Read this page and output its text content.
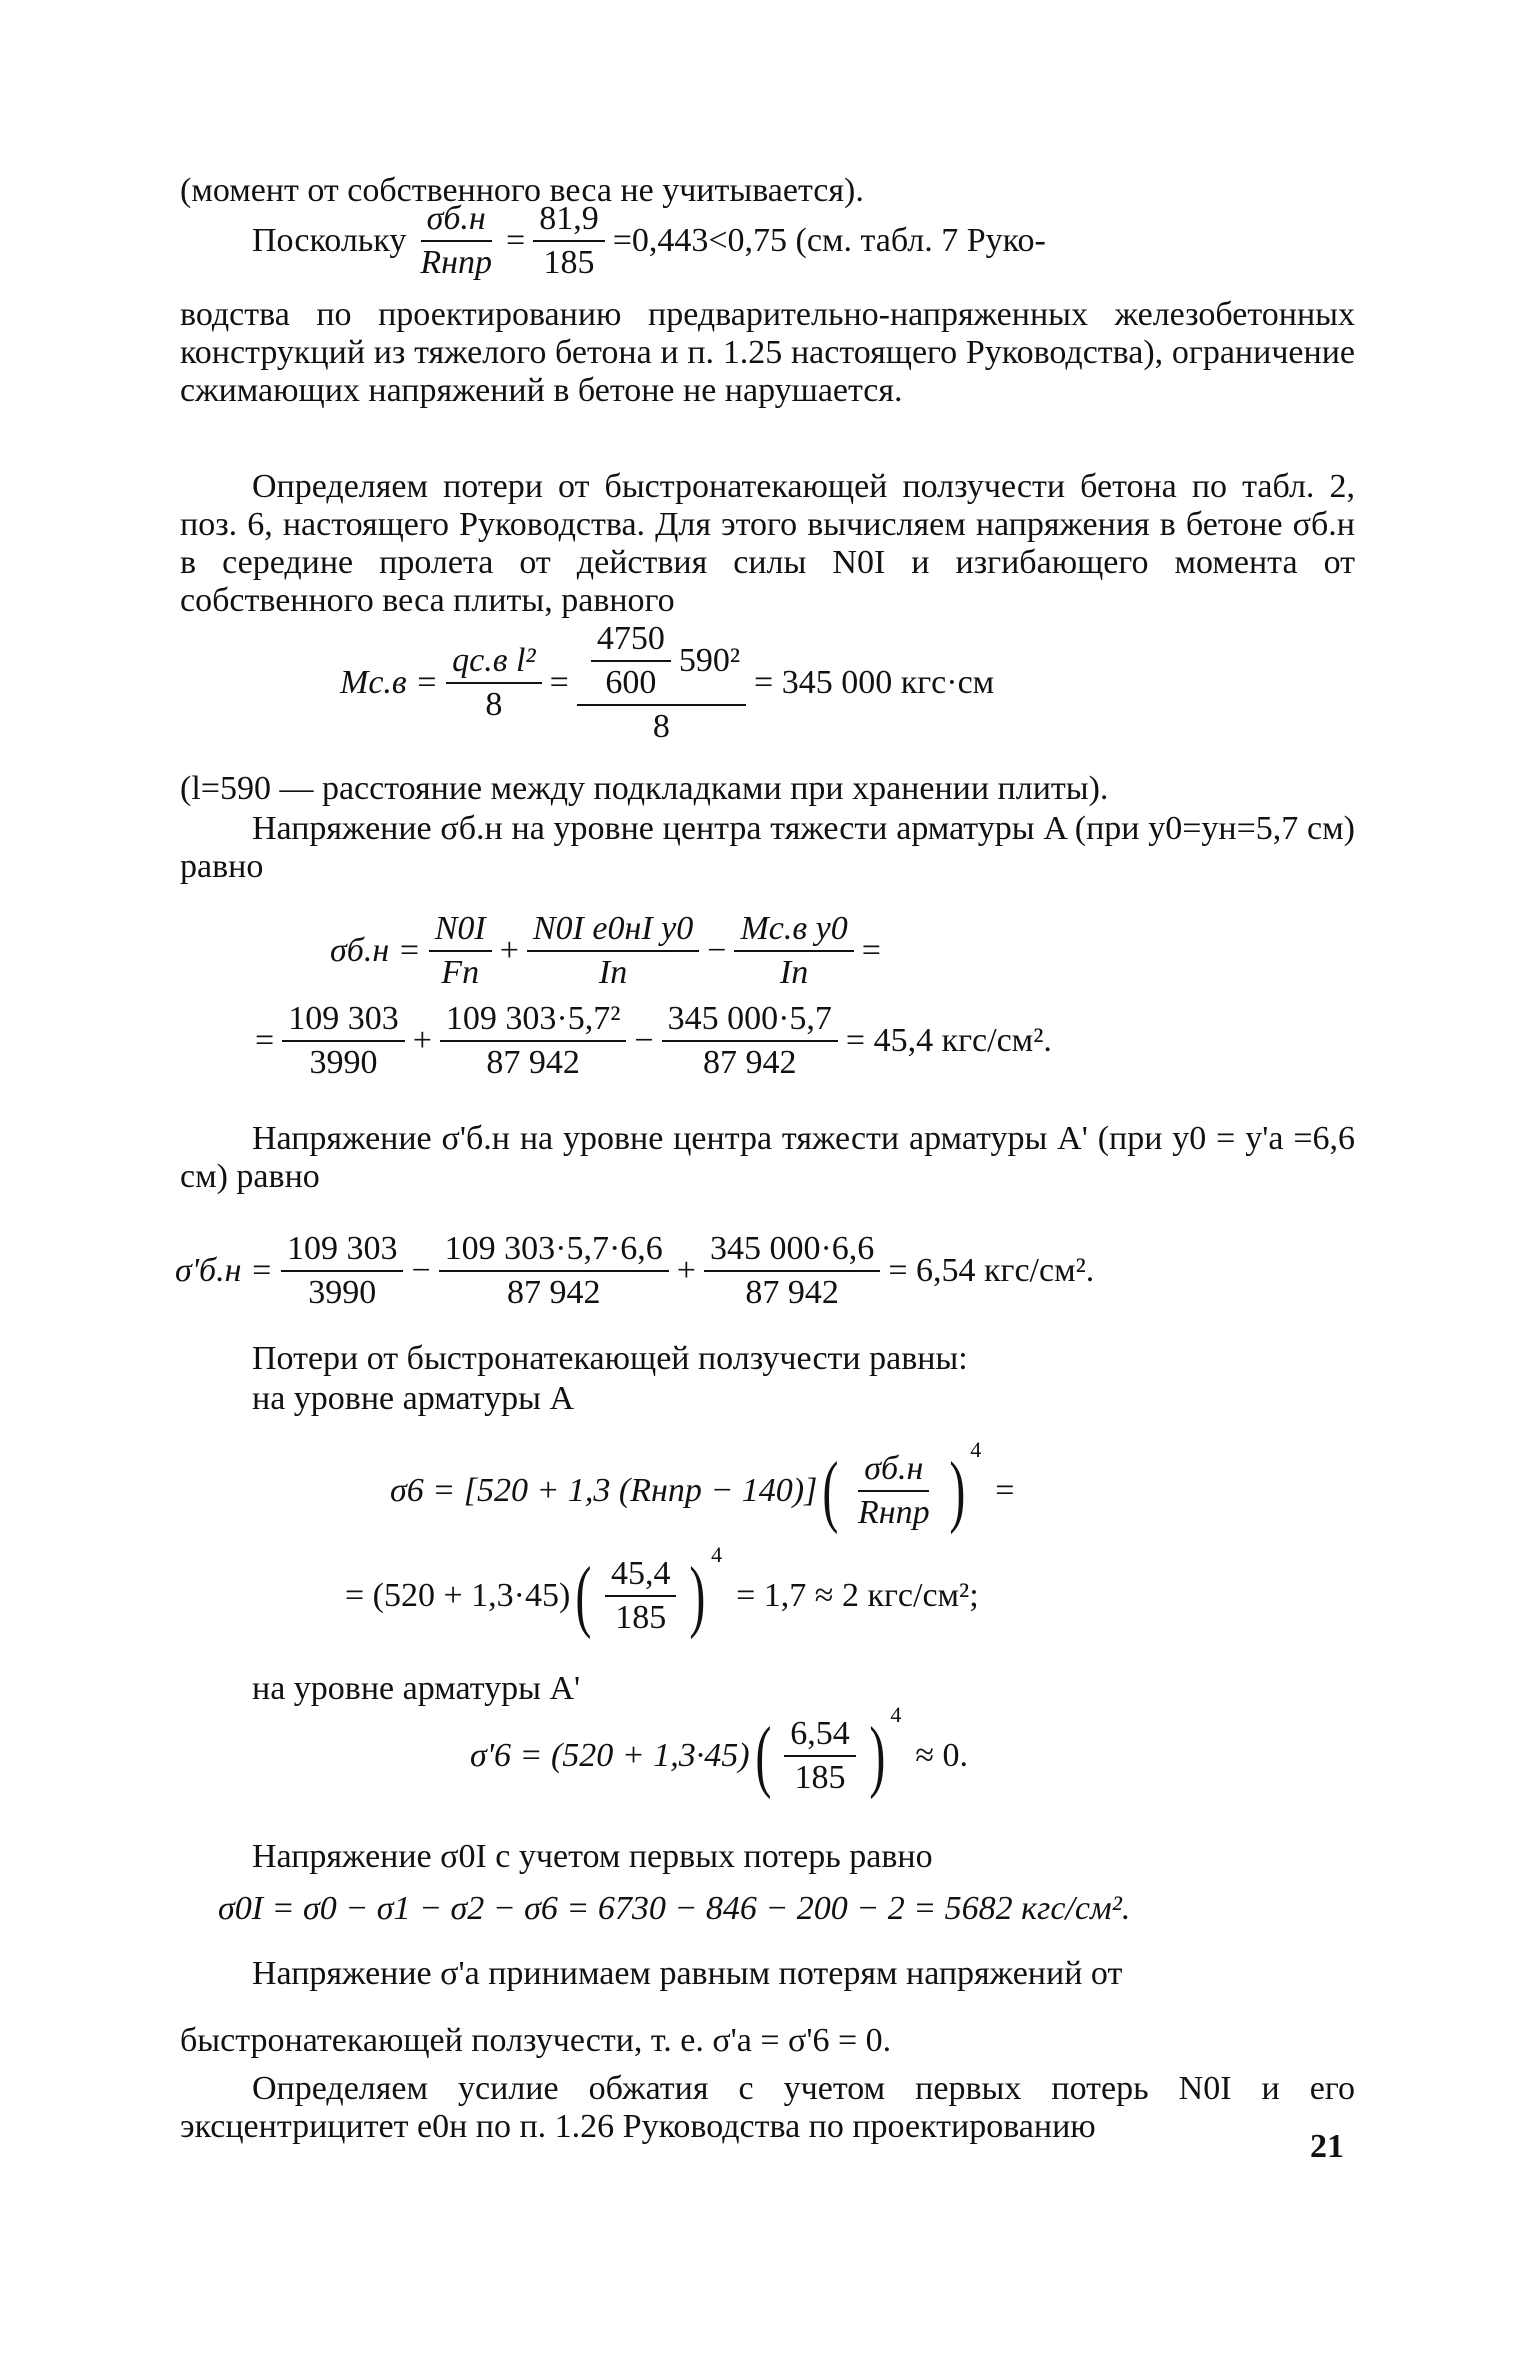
(момент от собственного веса не учитывается).

Поскольку $\frac{\sigma б.н}{\text{Rнпр}} = \frac{81,9}{185} =0,443<0,75$ (см. табл. 7 Руко-

водства по проектированию предварительно-напряженных железобетонных конструкций из тяжелого бетона и п. 1.25 настоящего Руководства), ограничение сжимающих напряжений в бетоне не нарушается.

Определяем потери от быстронатекающей ползучести бетона по табл. 2, поз. 6, настоящего Руководства. Для этого вычисляем напряжения в бетоне σб.н в середине пролета от действия силы N0I и изгибающего момента от собственного веса плиты, равного

$Mс.в = \frac{\text{qс.в l²}}{8} = \frac{\frac{4750}{600} 590^2}{8} = 345$ 000 кгс·см

(l=590 — расстояние между подкладками при хранении плиты).

Напряжение σб.н на уровне центра тяжести арматуры A (при y0=yн=5,7 см) равно

$\sigma б.н = \frac{N0I}{Fп} + \frac{\text{N0I e0нI y0}}{Iп} - \frac{\text{Mс.в y0}}{Iп}$ =
= $\frac{109 303}{3990} + \frac{\text{109 303·5,7²}}{87 942} - \frac{345 000\cdot 5,7}{87 942} = 45,4$ кгс/см².

Напряжение σ'б.н на уровне центра тяжести арматуры A' (при y0 = y'а =6,6 см) равно

$\sigma'б.н = \frac{109 303}{3990} - \frac{109 303\cdot 5,7\cdot 6,6}{87 942} + \frac{345 000\cdot 6,6}{87 942} = 6,54$ кгс/см².

Потери от быстронатекающей ползучести равны:

на уровне арматуры A

σ6 = [520 + 1,3 (Rнпр − 140)] ( $\frac{\sigma б.н}{\text{Rнпр}}$ ) 4
=
= (520 + 1,3·45) ( $\frac{45,4}{185}$ ) 4
= 1,7 ≈ 2 кгс/см²;

на уровне арматуры A'

σ'6 = (520 + 1,3·45) ( $\frac{6,54}{185}$ ) 4
≈ 0.

Напряжение σ0I с учетом первых потерь равно

σ0I = σ0 − σ1 − σ2 − σ6 = 6730 − 846 − 200 − 2 = 5682 кгс/см².

Напряжение σ'а принимаем равным потерям напряжений от

быстронатекающей ползучести, т. е. σ'а = σ'6 = 0.

Определяем усилие обжатия с учетом первых потерь N0I и его эксцентрицитет e0н по п. 1.26 Руководства по проектированию

21
